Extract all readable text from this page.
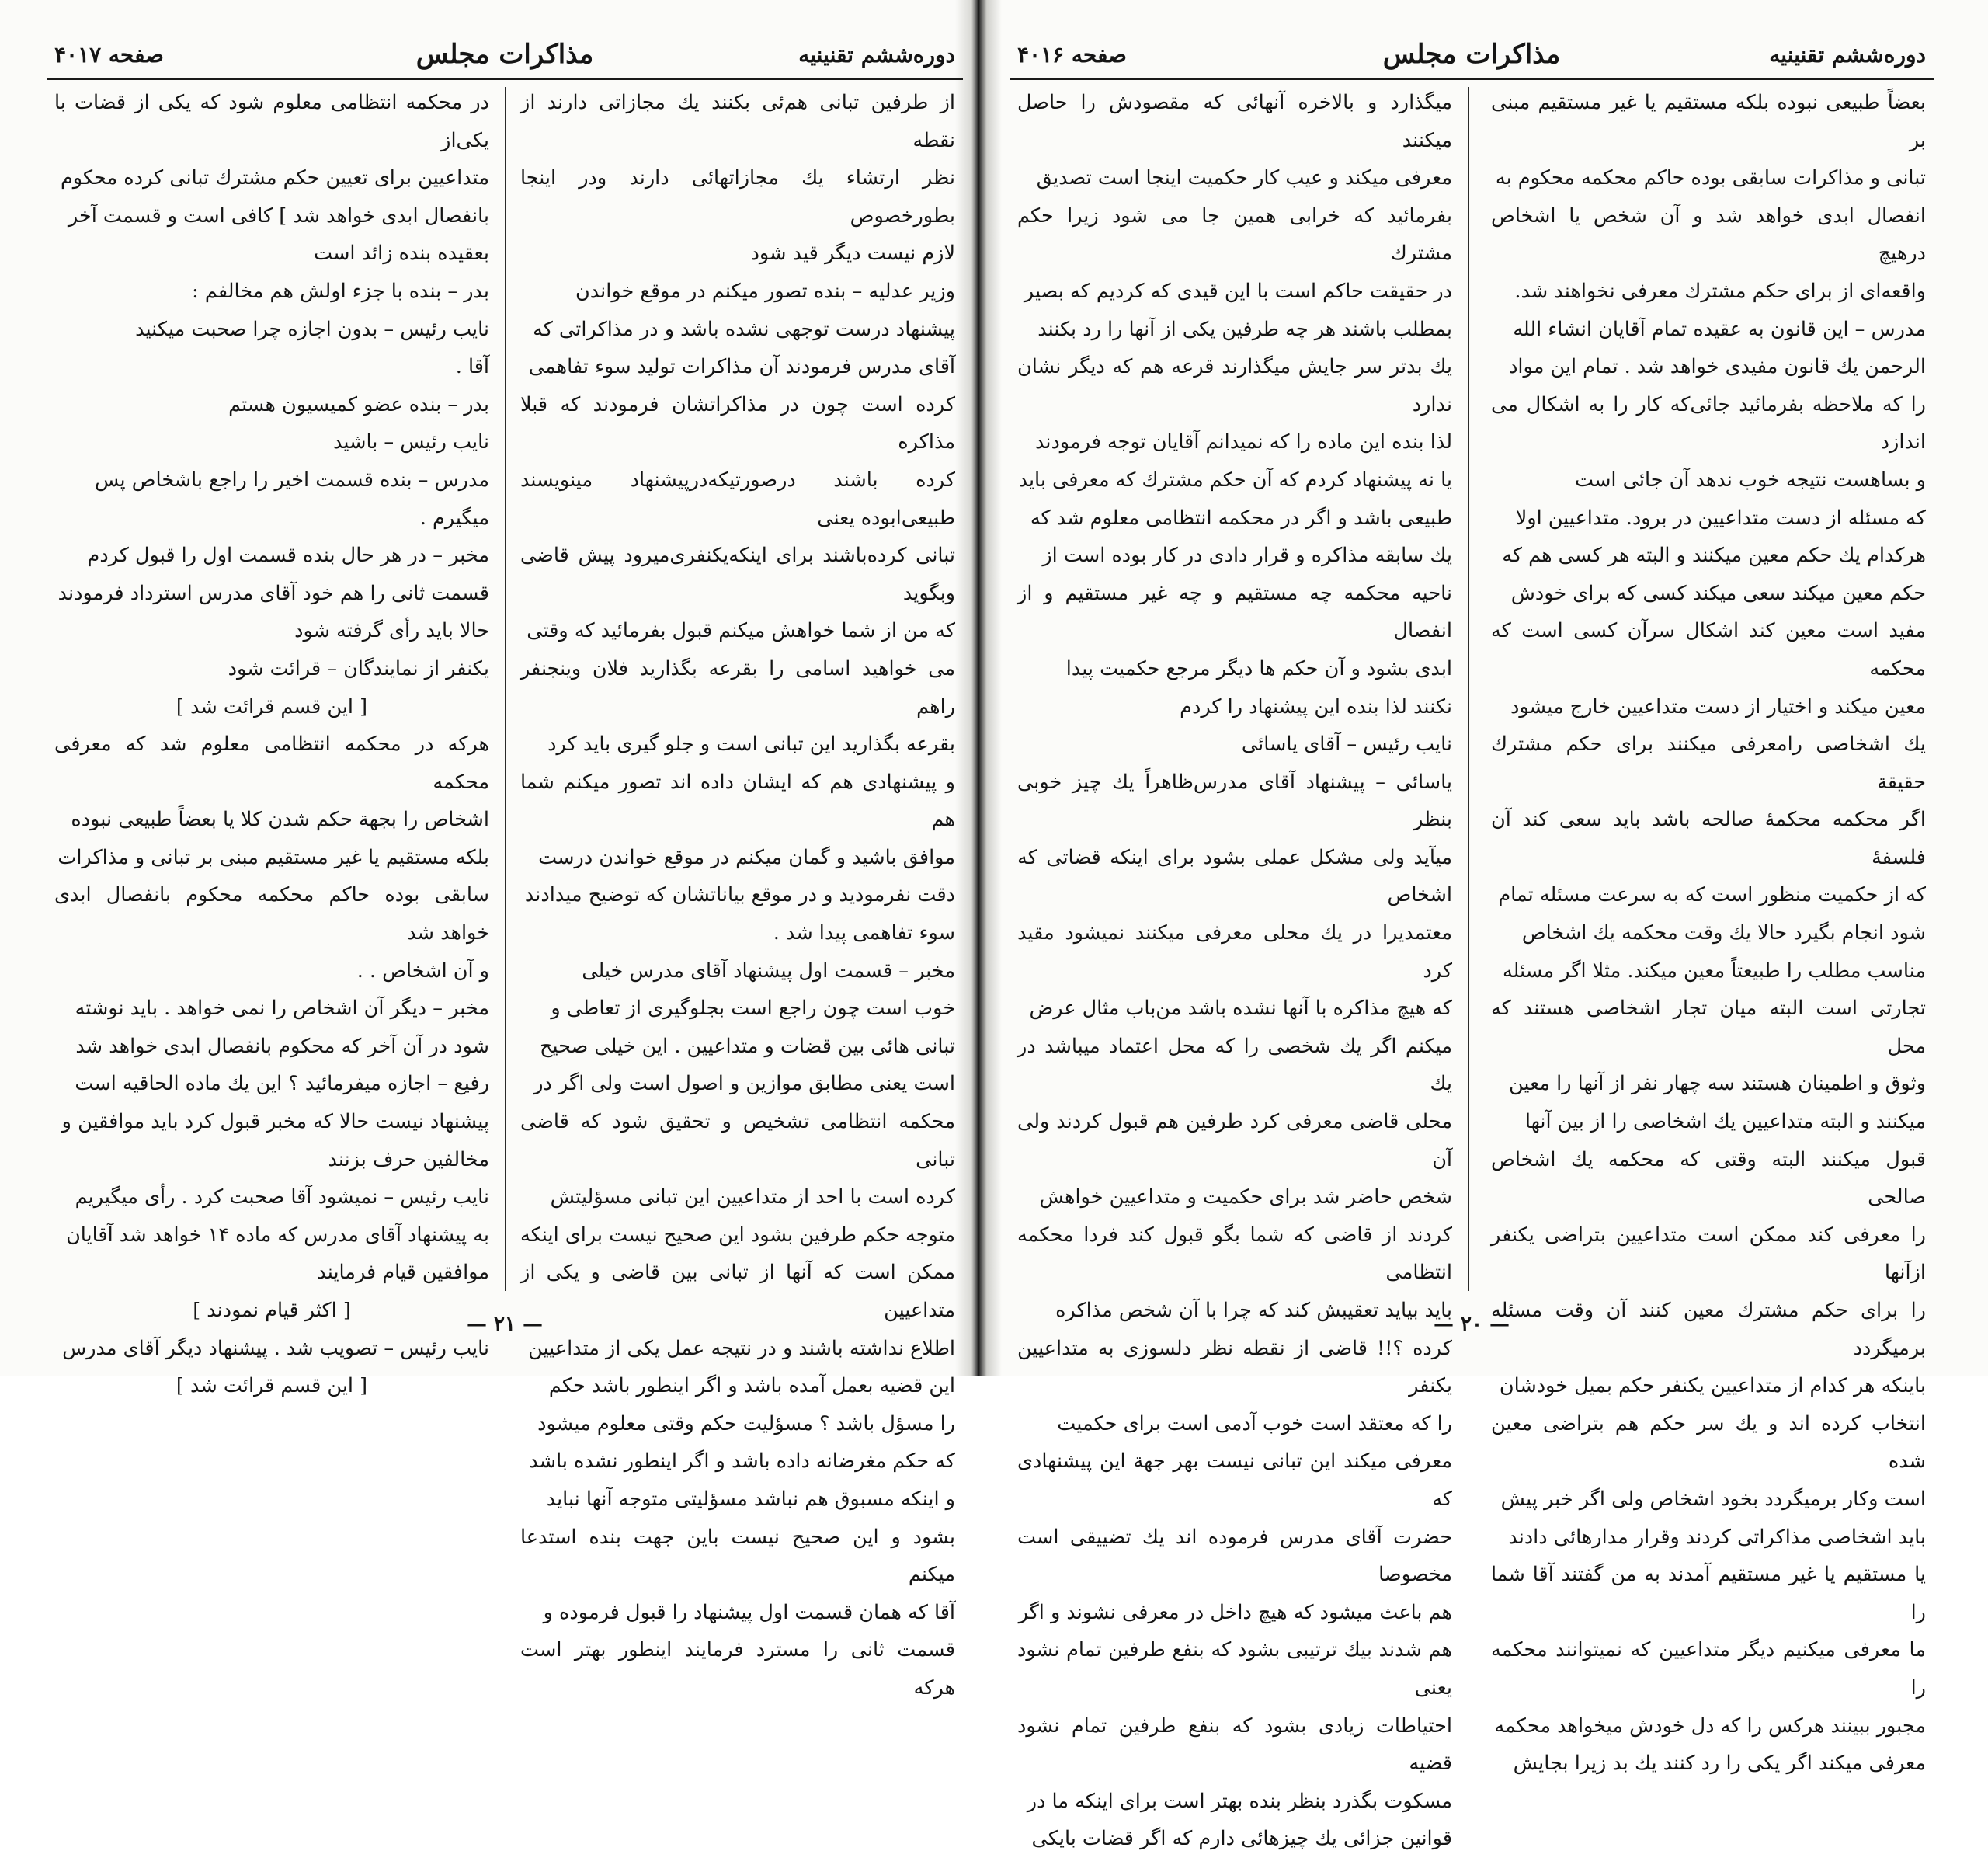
دوره‌ششم تقنینیه
مذاکرات مجلس
صفحه ۴۰۱۷

از طرفین تبانی هم‌ئی بکنند یك مجازاتی دارند از نقطه

نظر ارتشاء یك مجازاتهائی دارند ودر اینجا بطورخصوص

لازم نیست دیگر قید شود

وزیر عدلیه – بنده تصور میکنم در موقع خواندن

پیشنهاد درست توجهی نشده باشد و در مذاکراتی که

آقای مدرس فرمودند آن مذاکرات تولید سوء تفاهمی

کرده است چون در مذاکراتشان فرمودند که قبلا مذاکره

کرده باشند درصورتیکه‌درپیشنهاد مینویسند طبیعی‌ابوده یعنی

تبانی کرده‌باشند برای اینکه‌یکنفری‌میرود پیش قاضی وبگوید

که من از شما خواهش میکنم قبول بفرمائید که وقتی

می خواهید اسامی را بقرعه بگذارید فلان وینجنفر راهم

بقرعه بگذارید این تبانی است و جلو گیری باید کرد

و پیشنهادی هم که ایشان داده اند تصور میکنم شما هم

موافق باشید و گمان میکنم در موقع خواندن درست

دقت نفرمودید و در موقع بیاناتشان که توضیح میدادند

سوء تفاهمی پیدا شد .

مخبر – قسمت اول پیشنهاد آقای مدرس خیلی

خوب است چون راجع است بجلوگیری از تعاطی و

تبانی هائی بین قضات و متداعیین . این خیلی صحیح

است یعنی مطابق موازین و اصول است ولی اگر در

محکمه انتظامی تشخیص و تحقیق شود که قاضی تبانی

کرده است با احد از متداعیین این تبانی مسؤلیتش

متوجه حکم طرفین بشود این صحیح نیست برای اینکه

ممکن است که آنها از تبانی بین قاضی و یکی از متداعیین

اطلاع نداشته باشند و در نتیجه عمل یکی از متداعیین

این قضیه بعمل آمده باشد و اگر اینطور باشد حکم

را مسؤل باشد ؟ مسؤلیت حکم وقتی معلوم میشود

که حکم مغرضانه داده باشد و اگر اینطور نشده باشد

و اینکه مسبوق هم نباشد مسؤلیتی متوجه آنها نباید

بشود و این صحیح نیست باین جهت بنده استدعا میکنم

آقا که همان قسمت اول پیشنهاد را قبول فرموده و

قسمت ثانی را مسترد فرمایند اینطور بهتر است هرکه

در محکمه انتظامی معلوم شود که یکی از قضات با یکی‌از

متداعیین برای تعیین حکم مشترك تبانی کرده محکوم

بانفصال ابدی خواهد شد ] کافی است و قسمت آخر

بعقیده بنده زائد است

بدر – بنده با جزء اولش هم مخالفم :

نایب رئیس – بدون اجازه چرا صحبت میکنید

آقا .

بدر – بنده عضو کمیسیون هستم

نایب رئیس – باشید

مدرس – بنده قسمت اخیر را راجع باشخاص پس

میگیرم .

مخبر – در هر حال بنده قسمت اول را قبول کردم

قسمت ثانی را هم خود آقای مدرس استرداد فرمودند

حالا باید رأی گرفته شود

یکنفر از نمایندگان – قرائت شود

[ این قسم قرائت شد ]

هرکه در محکمه انتظامی معلوم شد که معرفی محکمه

اشخاص را بجهة حکم شدن کلا یا بعضاً طبیعی نبوده

بلکه مستقیم یا غیر مستقیم مبنی بر تبانی و مذاکرات

سابقی بوده حاکم محکمه محکوم بانفصال ابدی خواهد شد

و آن اشخاص . .

مخبر – دیگر آن اشخاص را نمی خواهد . باید نوشته

شود در آن آخر که محکوم بانفصال ابدی خواهد شد

رفیع – اجازه میفرمائید ؟ این یك ماده الحاقیه است

پیشنهاد نیست حالا که مخبر قبول کرد باید موافقین و

مخالفین حرف بزنند

نایب رئیس – نمیشود آقا صحبت کرد . رأی میگیریم

به پیشنهاد آقای مدرس که ماده ۱۴ خواهد شد آقایان

موافقین قیام فرمایند

[ اکثر قیام نمودند ]

نایب رئیس – تصویب شد . پیشنهاد دیگر آقای مدرس

[ این قسم قرائت شد ]

— ۲۱ —
دوره‌ششم تقنینیه
مذاکرات مجلس
صفحه ۴۰۱۶

بعضاً طبیعی نبوده بلکه مستقیم یا غیر مستقیم مبنی بر

تبانی و مذاکرات سابقی بوده حاکم محکمه محکوم به

انفصال ابدی خواهد شد و آن شخص یا اشخاص درهیچ

واقعه‌ای از برای حکم مشترك معرفی نخواهند شد.

مدرس – این قانون به عقیده تمام آقایان انشاء الله

الرحمن یك قانون مفیدی خواهد شد . تمام این مواد

را که ملاحظه بفرمائید جائی‌که کار را به اشکال می اندازد

و بساهست نتیجه خوب ندهد آن جائی است

که مسئله از دست متداعیین در برود. متداعیین اولا

هرکدام یك حکم معین میکنند و البته هر کسی هم که

حکم معین میکند سعی میکند کسی که برای خودش

مفید است معین کند اشکال سرآن کسی است که محکمه

معین میکند و اختیار از دست متداعیین خارج میشود

یك اشخاصی رامعرفی میکنند برای حکم مشترك حقیقة

اگر محکمه محکمهٔ صالحه باشد باید سعی کند آن فلسفهٔ

که از حکمیت منظور است که به سرعت مسئله تمام

شود انجام بگیرد حالا یك وقت محکمه یك اشخاص

مناسب مطلب را طبیعتاً معین میکند. مثلا اگر مسئله

تجارتی است البته میان تجار اشخاصی هستند که محل

وثوق و اطمینان هستند سه چهار نفر از آنها را معین

میکنند و البته متداعیین یك اشخاصی را از بین آنها

قبول میکنند البته وقتی که محکمه یك اشخاص صالحی

را معرفی کند ممکن است متداعیین بتراضی یکنفر ازآنها

را برای حکم مشترك معین کنند آن وقت مسئله برمیگردد

باینکه هر کدام از متداعیین یکنفر حکم بمیل خودشان

انتخاب کرده اند و یك سر حکم هم بتراضی معین شده

است وکار برمیگردد بخود اشخاص ولی اگر خبر پیش

باید اشخاصی مذاکراتی کردند وقرار مدارهائی دادند

یا مستقیم یا غیر مستقیم آمدند به من گفتند آقا شما را

ما معرفی میکنیم دیگر متداعیین که نمیتوانند محکمه را

مجبور ببینند هرکس را که دل خودش میخواهد محکمه

معرفی میکند اگر یکی را رد کنند یك بد زیرا بجایش

میگذارد و بالاخره آنهائی که مقصودش را حاصل میکنند

معرفی میکند و عیب کار حکمیت اینجا است تصدیق

بفرمائید که خرابی همین جا می شود زیرا حکم مشترك

در حقیقت حاکم است با این قیدی که کردیم که بصیر

بمطلب باشند هر چه طرفین یکی از آنها را رد بکنند

یك بدتر سر جایش میگذارند قرعه هم که دیگر نشان ندارد

لذا بنده این ماده را که نمیدانم آقایان توجه فرمودند

یا نه پیشنهاد کردم که آن حکم مشترك که معرفی باید

طبیعی باشد و اگر در محکمه انتظامی معلوم شد که

یك سابقه مذاکره و قرار دادی در کار بوده است از

ناحیه محکمه چه مستقیم و چه غیر مستقیم و از انفصال

ابدی بشود و آن حکم ها دیگر مرجع حکمیت پیدا

نکنند لذا بنده این پیشنهاد را کردم

نایب رئیس – آقای یاسائی

یاسائی – پیشنهاد آقای مدرس‌ظاهراً یك چیز خوبی بنظر

میآید ولی مشکل عملی بشود برای اینکه قضاتی که اشخاص

معتمدیرا در یك محلی معرفی میکنند نمیشود مقید کرد

که هیچ مذاکره با آنها نشده باشد من‌باب مثال عرض

میکنم اگر یك شخصی را که محل اعتماد میباشد در یك

محلی قاضی معرفی کرد طرفین هم قبول کردند ولی آن

شخص حاضر شد برای حکمیت و متداعیین خواهش

کردند از قاضی که شما بگو قبول کند فردا محکمه انتظامی

باید بیاید تعقیبش کند که چرا با آن شخص مذاکره

کرده ؟!! قاضی از نقطه نظر دلسوزی به متداعیین یکنفر

را که معتقد است خوب آدمی است برای حکمیت

معرفی میکند این تبانی نیست بهر جهة این پیشنهادی که

حضرت آقای مدرس فرموده اند یك تضییقی است مخصوصا

هم باعث میشود که هیچ داخل در معرفی نشوند و اگر

هم شدند بیك ترتیبی بشود که بنفع طرفین تمام نشود یعنی

احتیاطات زیادی بشود که بنفع طرفین تمام نشود قضیه

مسکوت بگذرد بنظر بنده بهتر است برای اینکه ما در

قوانین جزائی یك چیزهائی دارم که اگر قضات بایکی

— ۲۰ —
